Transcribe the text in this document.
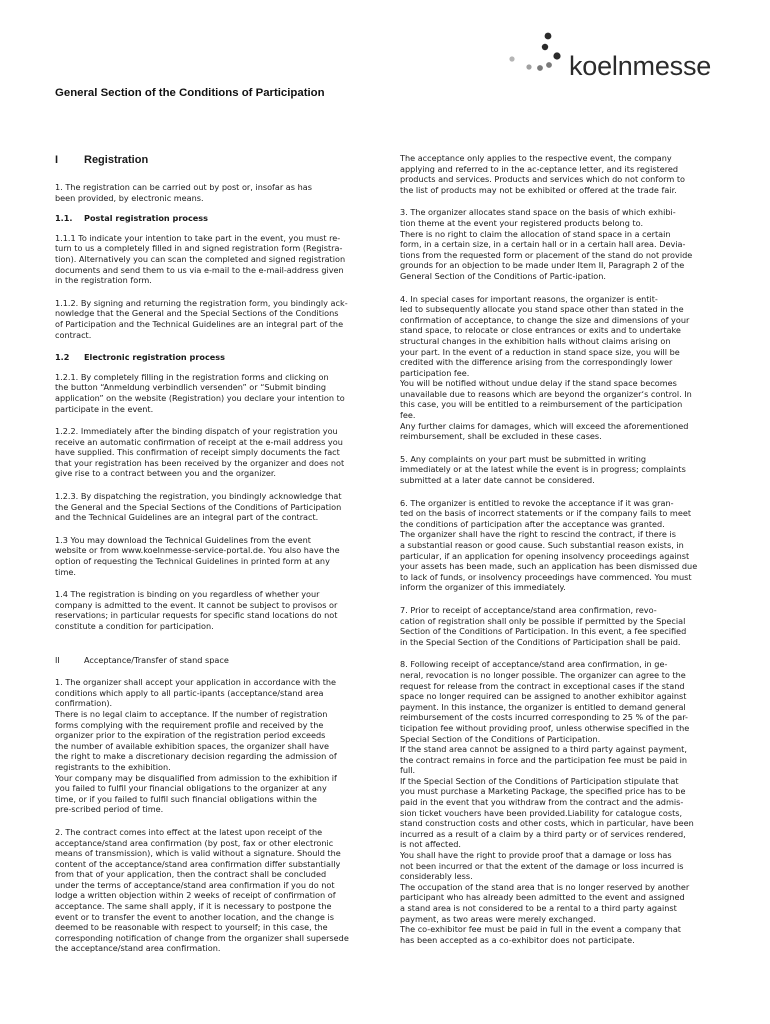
koelnmesse
General Section of the Conditions of Participation
I	Registration

1. The registration can be carried out by post or, insofar as has
been provided, by electronic means.

1.1.	Postal registration process

1.1.1 To indicate your intention to take part in the event, you must re-
turn to us a completely filled in and signed registration form (Registra-
tion). Alternatively you can scan the completed and signed registration
documents and send them to us via e-mail to the e-mail-address given
in the registration form.

1.1.2. By signing and returning the registration form, you bindingly ack-
nowledge that the General and the Special Sections of the Conditions
of Participation and the Technical Guidelines are an integral part of the
contract.

1.2	Electronic registration process

1.2.1. By completely filling in the registration forms and clicking on
the button “Anmeldung verbindlich versenden” or “Submit binding
application” on the website (Registration) you declare your intention to
participate in the event.

1.2.2. Immediately after the binding dispatch of your registration you
receive an automatic confirmation of receipt at the e-mail address you
have supplied. This confirmation of receipt simply documents the fact
that your registration has been received by the organizer and does not
give rise to a contract between you and the organizer.

1.2.3. By dispatching the registration, you bindingly acknowledge that
the General and the Special Sections of the Conditions of Participation
and the Technical Guidelines are an integral part of the contract.

1.3 You may download the Technical Guidelines from the event
website or from www.koelnmesse-service-portal.de. You also have the
option of requesting the Technical Guidelines in printed form at any
time.

1.4 The registration is binding on you regardless of whether your
company is admitted to the event. It cannot be subject to provisos or
reservations; in particular requests for specific stand locations do not
constitute a condition for participation.

II	Acceptance/Transfer of stand space

1. The organizer shall accept your application in accordance with the
conditions which apply to all partic-ipants (acceptance/stand area
confirmation).
There is no legal claim to acceptance. If the number of registration
forms complying with the requirement profile and received by the
organizer prior to the expiration of the registration period exceeds
the number of available exhibition spaces, the organizer shall have
the right to make a discretionary decision regarding the admission of
registrants to the exhibition.
Your company may be disqualified from admission to the exhibition if
you failed to fulfil your financial obligations to the organizer at any
time, or if you failed to fulfil such financial obligations within the
pre-scribed period of time.

2. The contract comes into effect at the latest upon receipt of the
acceptance/stand area confirmation (by post, fax or other electronic
means of transmission), which is valid without a signature. Should the
content of the acceptance/stand area confirmation differ substantially
from that of your application, then the contract shall be concluded
under the terms of acceptance/stand area confirmation if you do not
lodge a written objection within 2 weeks of receipt of confirmation of
acceptance. The same shall apply, if it is necessary to postpone the
event or to transfer the event to another location, and the change is
deemed to be reasonable with respect to yourself; in this case, the
corresponding notification of change from the organizer shall supersede
the acceptance/stand area confirmation.

The acceptance only applies to the respective event, the company
applying and referred to in the ac-ceptance letter, and its registered
products and services. Products and services which do not conform to
the list of products may not be exhibited or offered at the trade fair.

3. The organizer allocates stand space on the basis of which exhibi-
tion theme at the event your registered products belong to.
There is no right to claim the allocation of stand space in a certain
form, in a certain size, in a certain hall or in a certain hall area. Devia-
tions from the requested form or placement of the stand do not provide
grounds for an objection to be made under Item II, Paragraph 2 of the
General Section of the Conditions of Partic-ipation.

4. In special cases for important reasons, the organizer is entit-
led to subsequently allocate you stand space other than stated in the
confirmation of acceptance, to change the size and dimensions of your
stand space, to relocate or close entrances or exits and to undertake
structural changes in the exhibition halls without claims arising on
your part. In the event of a reduction in stand space size, you will be
credited with the difference arising from the correspondingly lower
participation fee.
You will be notified without undue delay if the stand space becomes
unavailable due to reasons which are beyond the organizer‘s control. In
this case, you will be entitled to a reimbursement of the participation
fee.
Any further claims for damages, which will exceed the aforementioned
reimbursement, shall be excluded in these cases.

5. Any complaints on your part must be submitted in writing
immediately or at the latest while the event is in progress; complaints
submitted at a later date cannot be considered.

6. The organizer is entitled to revoke the acceptance if it was gran-
ted on the basis of incorrect statements or if the company fails to meet
the conditions of participation after the acceptance was granted.
The organizer shall have the right to rescind the contract, if there is
a substantial reason or good cause. Such substantial reason exists, in
particular, if an application for opening insolvency proceedings against
your assets has been made, such an application has been dismissed due
to lack of funds, or insolvency proceedings have commenced. You must
inform the organizer of this immediately.

7. Prior to receipt of acceptance/stand area confirmation, revo-
cation of registration shall only be possible if permitted by the Special
Section of the Conditions of Participation. In this event, a fee specified
in the Special Section of the Conditions of Participation shall be paid.

8. Following receipt of acceptance/stand area confirmation, in ge-
neral, revocation is no longer possible. The organizer can agree to the
request for release from the contract in exceptional cases if the stand
space no longer required can be assigned to another exhibitor against
payment. In this instance, the organizer is entitled to demand general
reimbursement of the costs incurred corresponding to 25 % of the par-
ticipation fee without providing proof, unless otherwise specified in the
Special Section of the Conditions of Participation.
If the stand area cannot be assigned to a third party against payment,
the contract remains in force and the participation fee must be paid in
full.
If the Special Section of the Conditions of Participation stipulate that
you must purchase a Marketing Package, the specified price has to be
paid in the event that you withdraw from the contract and the admis-
sion ticket vouchers have been provided.Liability for catalogue costs,
stand construction costs and other costs, which in particular, have been
incurred as a result of a claim by a third party or of services rendered,
is not affected.
You shall have the right to provide proof that a damage or loss has
not been incurred or that the extent of the damage or loss incurred is
considerably less.
The occupation of the stand area that is no longer reserved by another
participant who has already been admitted to the event and assigned
a stand area is not considered to be a rental to a third party against
payment, as two areas were merely exchanged.
The co-exhibitor fee must be paid in full in the event a company that
has been accepted as a co-exhibitor does not participate.
